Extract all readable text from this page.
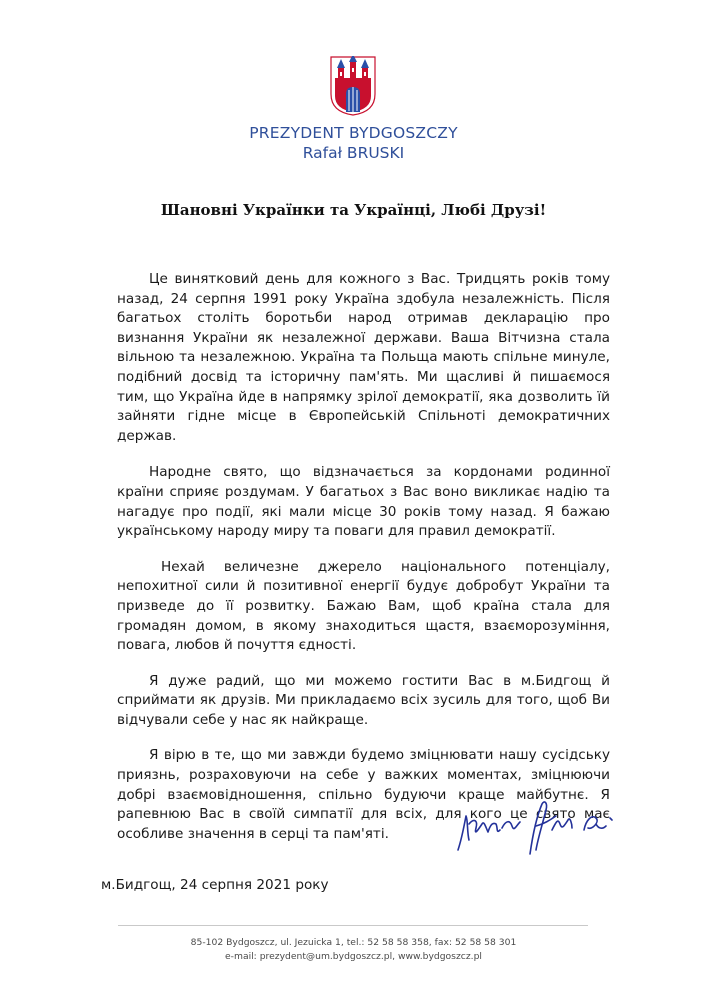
PREZYDENT BYDGOSZCZY
Rafał BRUSKI
Шановні Українки та Українці, Любі Друзі!

Це винятковий день для кожного з Вас. Тридцять років тому назад, 24 серпня 1991 року Україна здобула незалежність. Після багатьох століть боротьби народ отримав декларацію про визнання України як незалежної держави. Ваша Вітчизна стала вільною та незалежною. Україна та Польща мають спільне минуле, подібний досвід та історичну пам'ять. Ми щасливі й пишаємося тим, що Україна йде в напрямку зрілої демократії, яка дозволить їй зайняти гідне місце в Європейській Спільноті демократичних держав.

Народне свято, що відзначається за кордонами родинної країни сприяє роздумам. У багатьох з Вас воно викликає надію та нагадує про події, які мали місце 30 років тому назад. Я бажаю українському народу миру та поваги для правил демократії.

Нехай величезне джерело національного потенціалу, непохитної сили й позитивної енергії будує добробут України та призведе до її розвитку. Бажаю Вам, щоб країна стала для громадян домом, в якому знаходиться щастя, взаєморозуміння, повага, любов й почуття єдності.

Я дуже радий, що ми можемо гостити Вас в м.Бидгощ й сприймати як друзів. Ми прикладаємо всіх зусиль для того, щоб Ви відчували себе у нас як найкраще.

Я вірю в те, що ми завжди будемо зміцнювати нашу сусідську приязнь, розраховуючи на себе у важких моментах, зміцнюючи добрі взаємовідношення, спільно будуючи краще майбутнє. Я рапевнюю Вас в своїй симпатії для всіх, для кого це свято має особливе значення в серці та пам'яті.

м.Бидгощ, 24 серпня 2021 року
85-102 Bydgoszcz, ul. Jezuicka 1, tel.: 52 58 58 358, fax: 52 58 58 301
e-mail: prezydent@um.bydgoszcz.pl, www.bydgoszcz.pl
